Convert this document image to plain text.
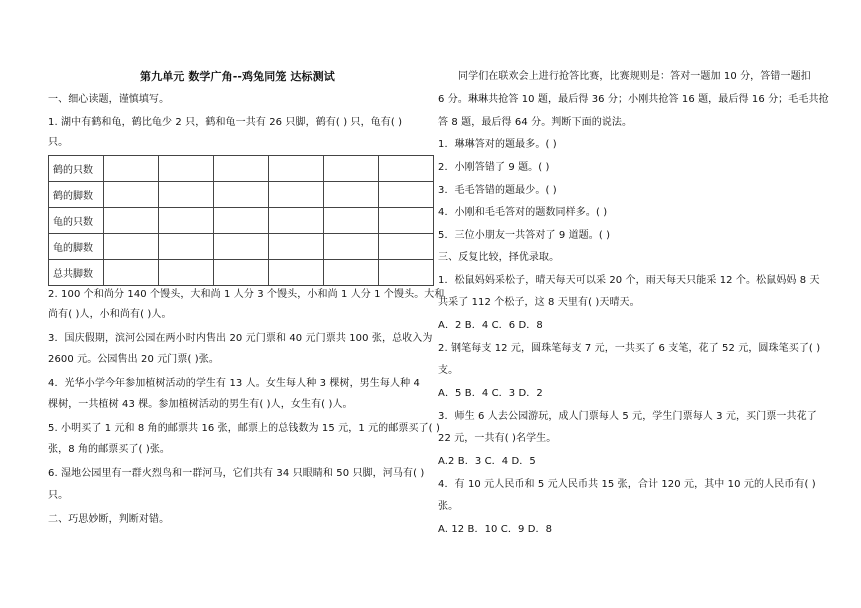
第九单元 数学广角--鸡兔同笼 达标测试
一、细心读题，谨慎填写。
1. 湖中有鹤和龟，鹤比龟少 2 只，鹤和龟一共有 26 只脚，鹤有( ) 只，龟有( )
只。
鹤的只数						
鹤的脚数						
龟的只数						
龟的脚数						
总共脚数						
2. 100 个和尚分 140 个馒头，大和尚 1 人分 3 个馒头，小和尚 1 人分 1 个馒头。大和
尚有( )人，小和尚有( )人。
3．国庆假期，滨河公园在两小时内售出 20 元门票和 40 元门票共 100 张，总收入为
2600 元。公园售出 20 元门票( )张。
4．光华小学今年参加植树活动的学生有 13 人。女生每人种 3 棵树，男生每人种 4
棵树，一共植树 43 棵。参加植树活动的男生有( )人，女生有( )人。
5. 小明买了 1 元和 8 角的邮票共 16 张，邮票上的总钱数为 15 元，1 元的邮票买了( )
张，8 角的邮票买了( )张。
6. 湿地公园里有一群火烈鸟和一群河马，它们共有 34 只眼睛和 50 只脚，河马有( )
只。
二、巧思妙断，判断对错。
同学们在联欢会上进行抢答比赛，比赛规则是：答对一题加 10 分，答错一题扣
6 分。琳琳共抢答 10 题，最后得 36 分；小刚共抢答 16 题，最后得 16 分；毛毛共抢
答 8 题，最后得 64 分。判断下面的说法。
1．琳琳答对的题最多。( )
2．小刚答错了 9 题。( )
3．毛毛答错的题最少。( )
4．小刚和毛毛答对的题数同样多。( )
5．三位小朋友一共答对了 9 道题。( )
三、反复比较，择优录取。
1．松鼠妈妈采松子，晴天每天可以采 20 个，雨天每天只能采 12 个。松鼠妈妈 8 天
共采了 112 个松子，这 8 天里有( )天晴天。
A．2 B．4 C．6 D．8
2. 钢笔每支 12 元，圆珠笔每支 7 元，一共买了 6 支笔，花了 52 元，圆珠笔买了( )
支。
A．5 B．4 C．3 D．2
3．师生 6 人去公园游玩，成人门票每人 5 元，学生门票每人 3 元，买门票一共花了
22 元，一共有( )名学生。
A.2 B．3 C．4 D．5
4．有 10 元人民币和 5 元人民币共 15 张，合计 120 元，其中 10 元的人民币有( )
张。
A. 12 B．10 C．9 D．8
